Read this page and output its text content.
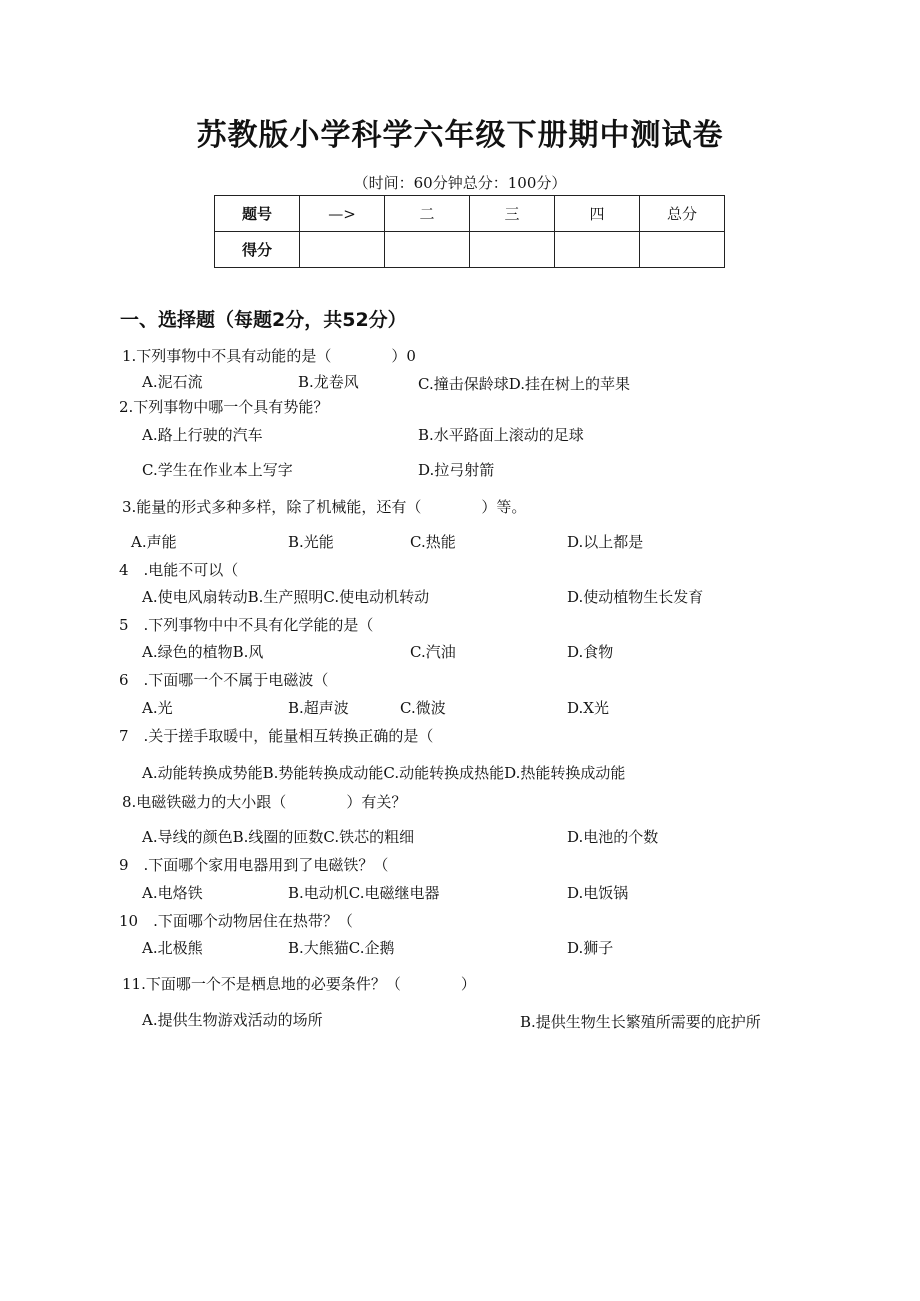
苏教版小学科学六年级下册期中测试卷
（时间：60分钟总分：100分）
题号	—>	二	三	四	总分
得分					
一、选择题（每题2分，共52分）
1.下列事物中不具有动能的是（　　　　）0
A.泥石流	B.龙卷风	C.撞击保龄球D.挂在树上的苹果
2.下列事物中哪一个具有势能？
A.路上行驶的汽车	B.水平路面上滚动的足球
C.学生在作业本上写字	D.拉弓射箭
3.能量的形式多种多样，除了机械能，还有（　　　　）等。
A.声能	B.光能	C.热能	D.以上都是
4　.电能不可以（
A.使电风扇转动B.生产照明C.使电动机转动	D.使动植物生长发育
5　.下列事物中中不具有化学能的是（
A.绿色的植物B.风	C.汽油	D.食物
6　.下面哪一个不属于电磁波（
A.光	B.超声波	C.微波	D.X光
7　.关于搓手取暖中，能量相互转换正确的是（
A.动能转换成势能B.势能转换成动能C.动能转换成热能D.热能转换成动能
8.电磁铁磁力的大小跟（　　　　）有关？
A.导线的颜色B.线圈的匝数C.铁芯的粗细	D.电池的个数
9　.下面哪个家用电器用到了电磁铁？（
A.电烙铁	B.电动机C.电磁继电器	D.电饭锅
10　.下面哪个动物居住在热带？（
A.北极熊	B.大熊猫C.企鹅	D.狮子
11.下面哪一个不是栖息地的必要条件？（　　　　）
A.提供生物游戏活动的场所	B.提供生物生长繁殖所需要的庇护所
